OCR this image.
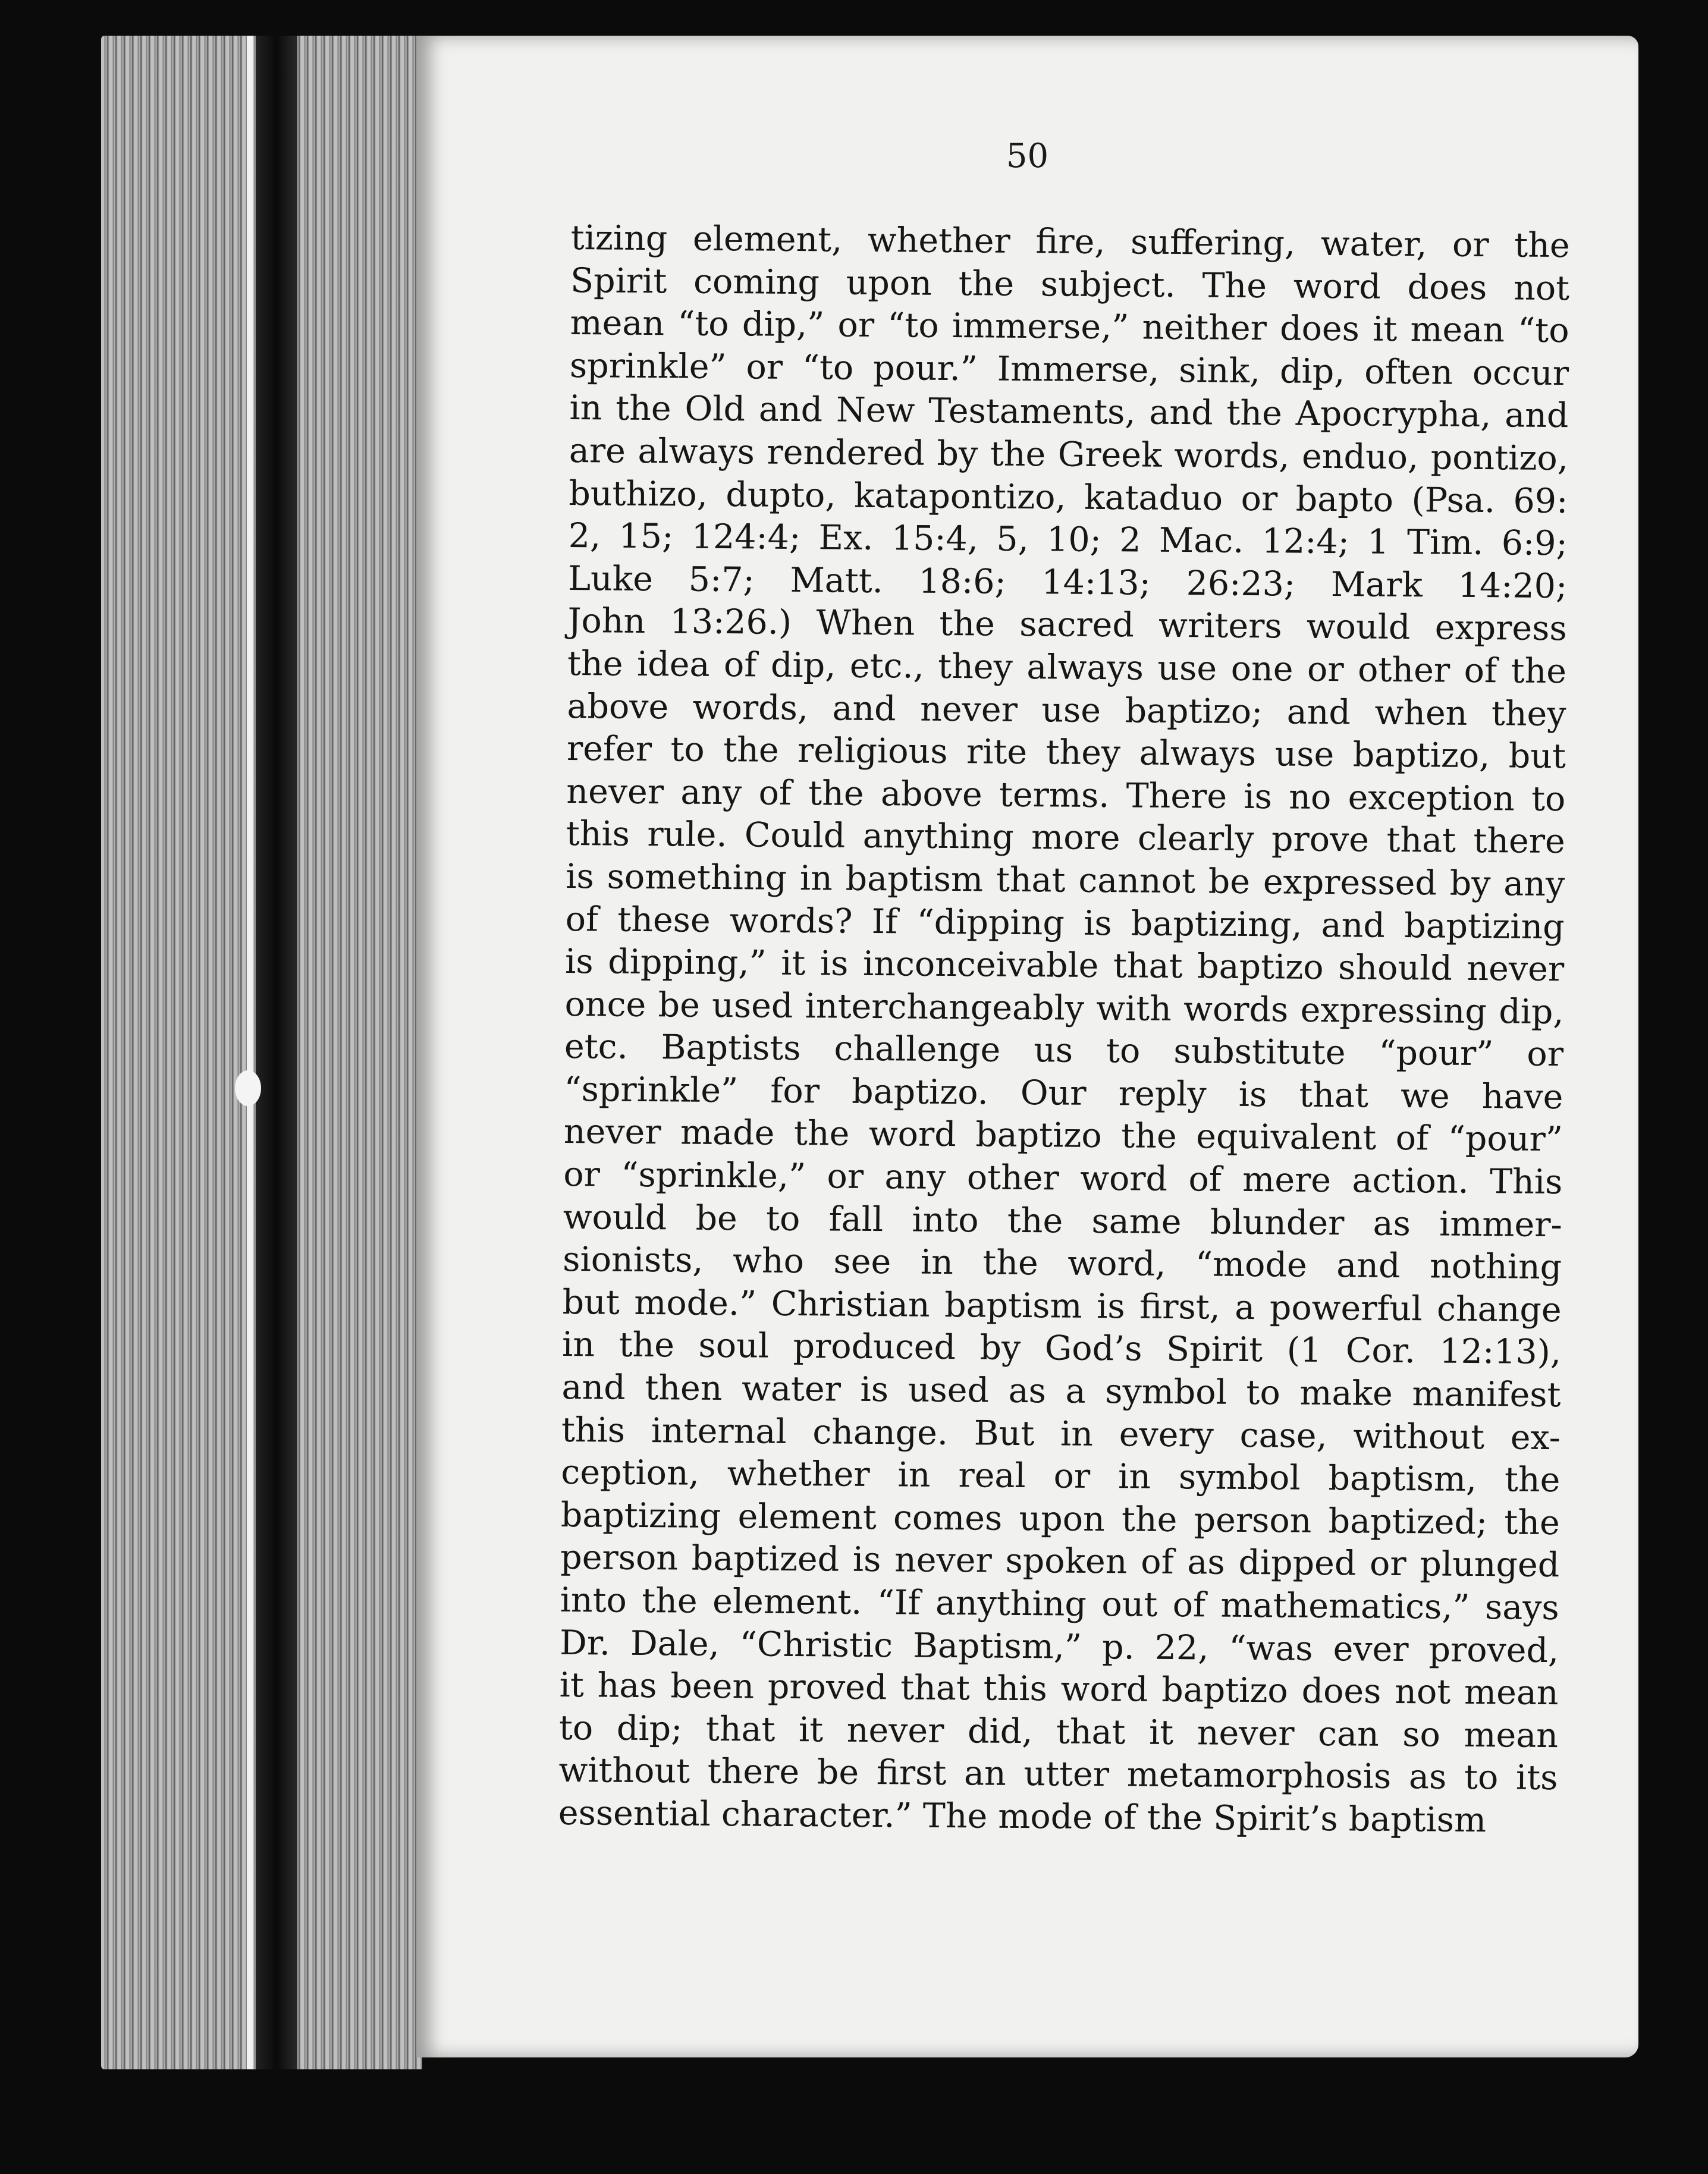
50
tizing element, whether fire, suffering, water, or the
Spirit coming upon the subject. The word does not
mean “to dip,” or “to immerse,” neither does it mean “to
sprinkle” or “to pour.” Immerse, sink, dip, often occur
in the Old and New Testaments, and the Apocrypha, and
are always rendered by the Greek words, enduo, pontizo,
buthizo, dupto, katapontizo, kataduo or bapto (Psa. 69:
2, 15; 124:4; Ex. 15:4, 5, 10; 2 Mac. 12:4; 1 Tim. 6:9;
Luke 5:7; Matt. 18:6; 14:13; 26:23; Mark 14:20;
John 13:26.) When the sacred writers would express
the idea of dip, etc., they always use one or other of the
above words, and never use baptizo; and when they
refer to the religious rite they always use baptizo, but
never any of the above terms. There is no exception to
this rule. Could anything more clearly prove that there
is something in baptism that cannot be expressed by any
of these words? If “dipping is baptizing, and baptizing
is dipping,” it is inconceivable that baptizo should never
once be used interchangeably with words expressing dip,
etc. Baptists challenge us to substitute “pour” or
“sprinkle” for baptizo. Our reply is that we have
never made the word baptizo the equivalent of “pour”
or “sprinkle,” or any other word of mere action. This
would be to fall into the same blunder as immer-
sionists, who see in the word, “mode and nothing
but mode.” Christian baptism is first, a powerful change
in the soul produced by God’s Spirit (1 Cor. 12:13),
and then water is used as a symbol to make manifest
this internal change. But in every case, without ex-
ception, whether in real or in symbol baptism, the
baptizing element comes upon the person baptized; the
person baptized is never spoken of as dipped or plunged
into the element. “If anything out of mathematics,” says
Dr. Dale, “Christic Baptism,” p. 22, “was ever proved,
it has been proved that this word baptizo does not mean
to dip; that it never did, that it never can so mean
without there be first an utter metamorphosis as to its
essential character.” The mode of the Spirit’s baptism
